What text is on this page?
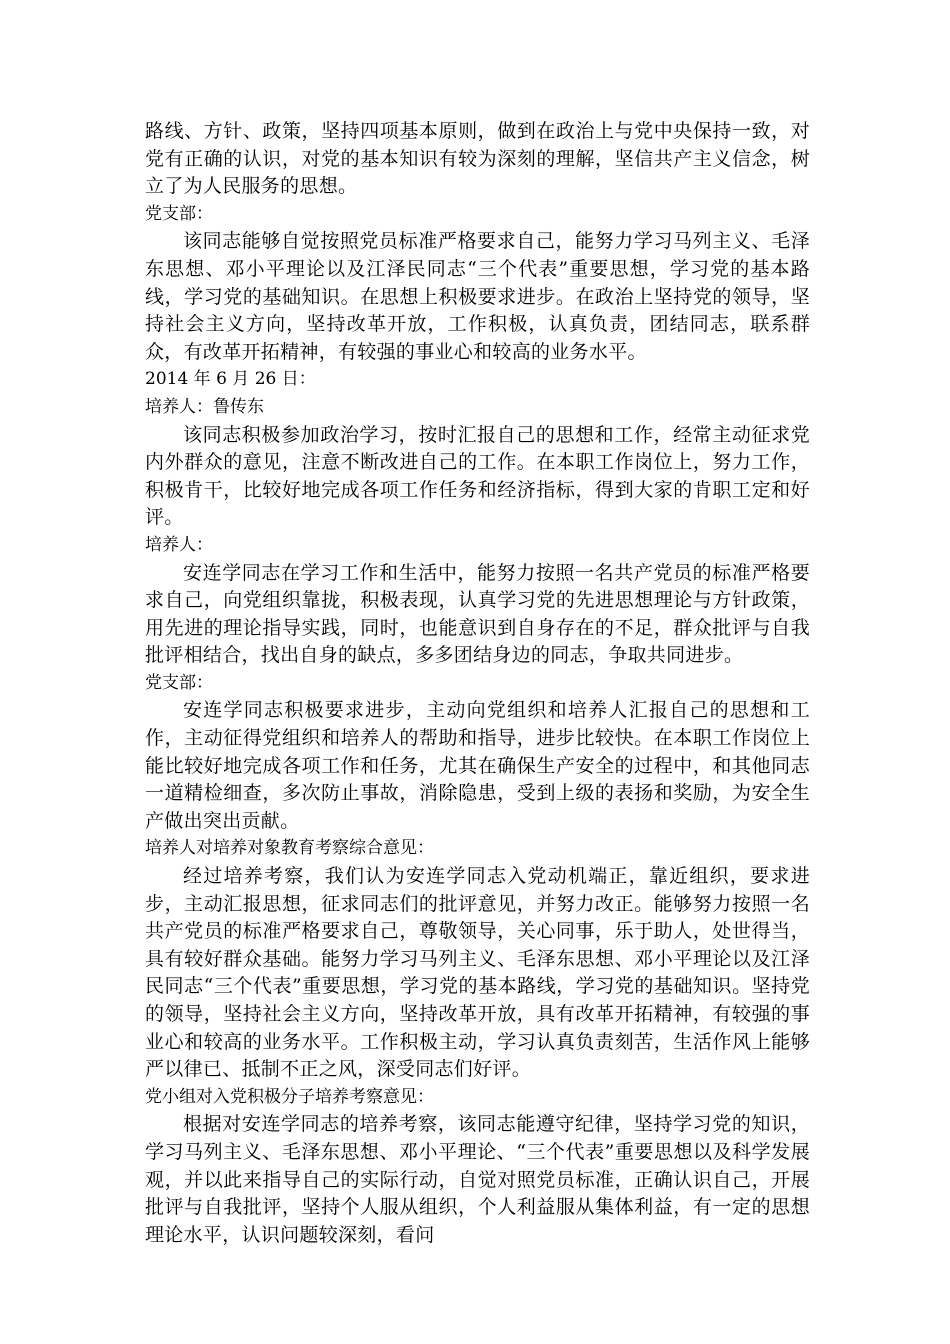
路线、方针、政策，坚持四项基本原则，做到在政治上与党中央保持一致，对党有正确的认识，对党的基本知识有较为深刻的理解，坚信共产主义信念，树立了为人民服务的思想。

党支部：

该同志能够自觉按照党员标准严格要求自己，能努力学习马列主义、毛泽东思想、邓小平理论以及江泽民同志“三个代表”重要思想，学习党的基本路线，学习党的基础知识。在思想上积极要求进步。在政治上坚持党的领导，坚持社会主义方向，坚持改革开放，工作积极，认真负责，团结同志，联系群众，有改革开拓精神，有较强的事业心和较高的业务水平。

2014 年 6 月 26 日：

培养人：鲁传东

该同志积极参加政治学习，按时汇报自己的思想和工作，经常主动征求党内外群众的意见，注意不断改进自己的工作。在本职工作岗位上，努力工作，积极肯干，比较好地完成各项工作任务和经济指标，得到大家的肯职工定和好评。

培养人：

安连学同志在学习工作和生活中，能努力按照一名共产党员的标准严格要求自己，向党组织靠拢，积极表现，认真学习党的先进思想理论与方针政策，用先进的理论指导实践，同时，也能意识到自身存在的不足，群众批评与自我批评相结合，找出自身的缺点，多多团结身边的同志，争取共同进步。

党支部：

安连学同志积极要求进步，主动向党组织和培养人汇报自己的思想和工作，主动征得党组织和培养人的帮助和指导，进步比较快。在本职工作岗位上能比较好地完成各项工作和任务，尤其在确保生产安全的过程中，和其他同志一道精检细查，多次防止事故，消除隐患，受到上级的表扬和奖励，为安全生产做出突出贡献。

培养人对培养对象教育考察综合意见：

经过培养考察，我们认为安连学同志入党动机端正，靠近组织，要求进步，主动汇报思想，征求同志们的批评意见，并努力改正。能够努力按照一名共产党员的标准严格要求自己，尊敬领导，关心同事，乐于助人，处世得当，具有较好群众基础。能努力学习马列主义、毛泽东思想、邓小平理论以及江泽民同志“三个代表”重要思想，学习党的基本路线，学习党的基础知识。坚持党的领导，坚持社会主义方向，坚持改革开放，具有改革开拓精神，有较强的事业心和较高的业务水平。工作积极主动，学习认真负责刻苦，生活作风上能够严以律已、抵制不正之风，深受同志们好评。

党小组对入党积极分子培养考察意见：

根据对安连学同志的培养考察，该同志能遵守纪律，坚持学习党的知识，学习马列主义、毛泽东思想、邓小平理论、“三个代表”重要思想以及科学发展观，并以此来指导自己的实际行动，自觉对照党员标准，正确认识自己，开展批评与自我批评，坚持个人服从组织，个人利益服从集体利益，有一定的思想理论水平，认识问题较深刻，看问
